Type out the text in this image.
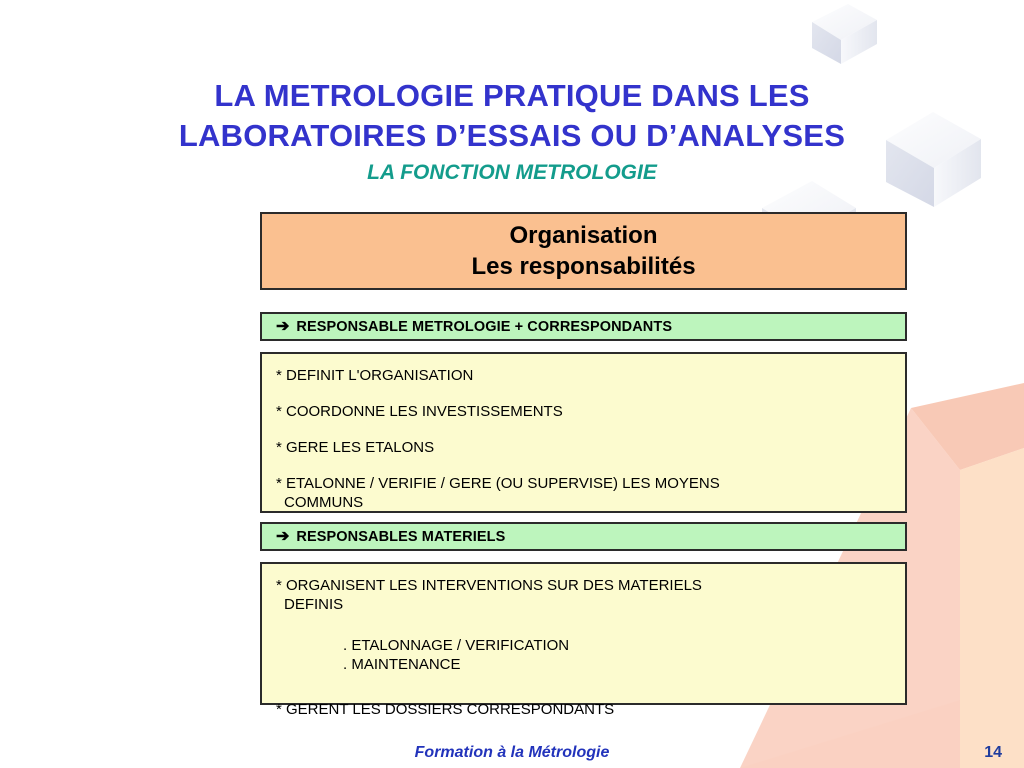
LA METROLOGIE PRATIQUE DANS LES
LABORATOIRES D’ESSAIS OU D’ANALYSES
LA FONCTION METROLOGIE
Organisation
Les responsabilités
➔ RESPONSABLE METROLOGIE + CORRESPONDANTS
* DEFINIT L'ORGANISATION
* COORDONNE LES INVESTISSEMENTS
* GERE LES ETALONS
* ETALONNE / VERIFIE / GERE (OU SUPERVISE) LES MOYENS
COMMUNS
➔ RESPONSABLES MATERIELS
* ORGANISENT LES INTERVENTIONS SUR DES MATERIELS
DEFINIS
. ETALONNAGE / VERIFICATION
. MAINTENANCE
* GERENT LES DOSSIERS CORRESPONDANTS
Formation à la Métrologie	14
